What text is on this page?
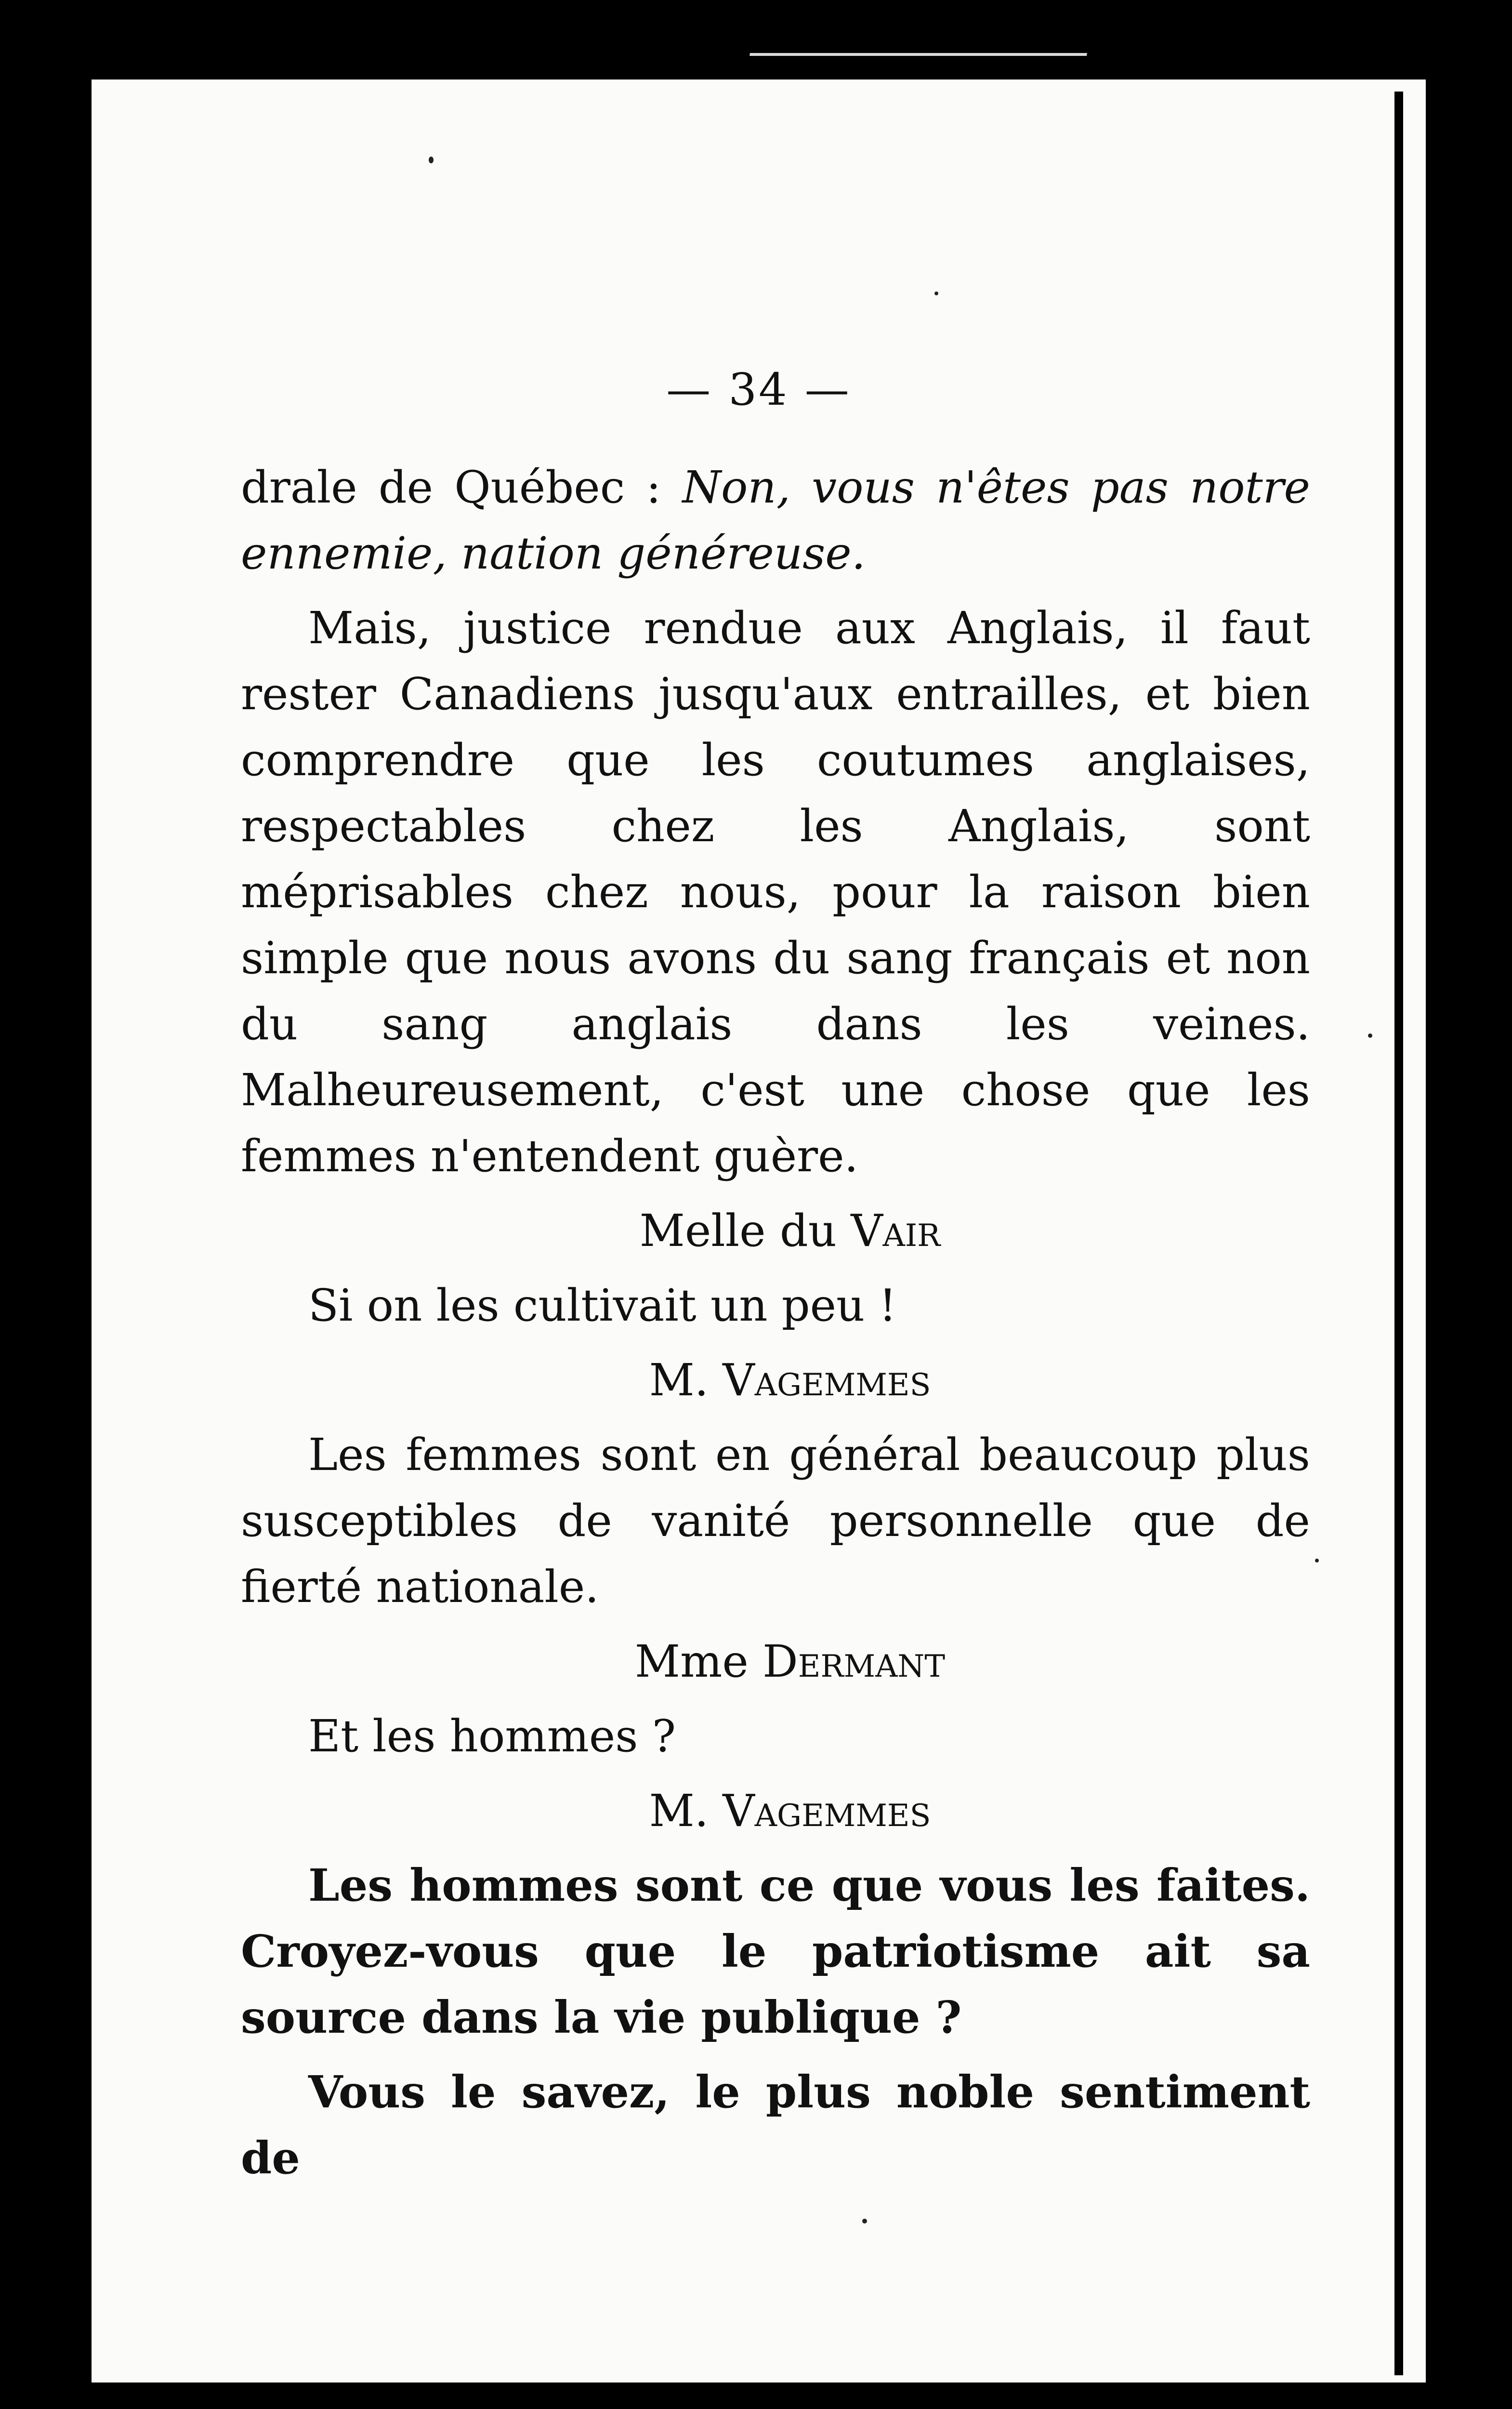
— 34 —

drale de Québec : Non, vous n'êtes pas notre ennemie, nation généreuse.

Mais, justice rendue aux Anglais, il faut rester Canadiens jusqu'aux entrailles, et bien comprendre que les coutumes anglaises, respectables chez les Anglais, sont méprisables chez nous, pour la raison bien simple que nous avons du sang français et non du sang anglais dans les veines. Malheureusement, c'est une chose que les femmes n'entendent guère.

Melle du Vair

Si on les cultivait un peu !

M. Vagemmes

Les femmes sont en général beaucoup plus susceptibles de vanité personnelle que de fierté nationale.

Mme Dermant

Et les hommes ?

M. Vagemmes

Les hommes sont ce que vous les faites. Croyez-vous que le patriotisme ait sa source dans la vie publique ?

Vous le savez, le plus noble sentiment de
